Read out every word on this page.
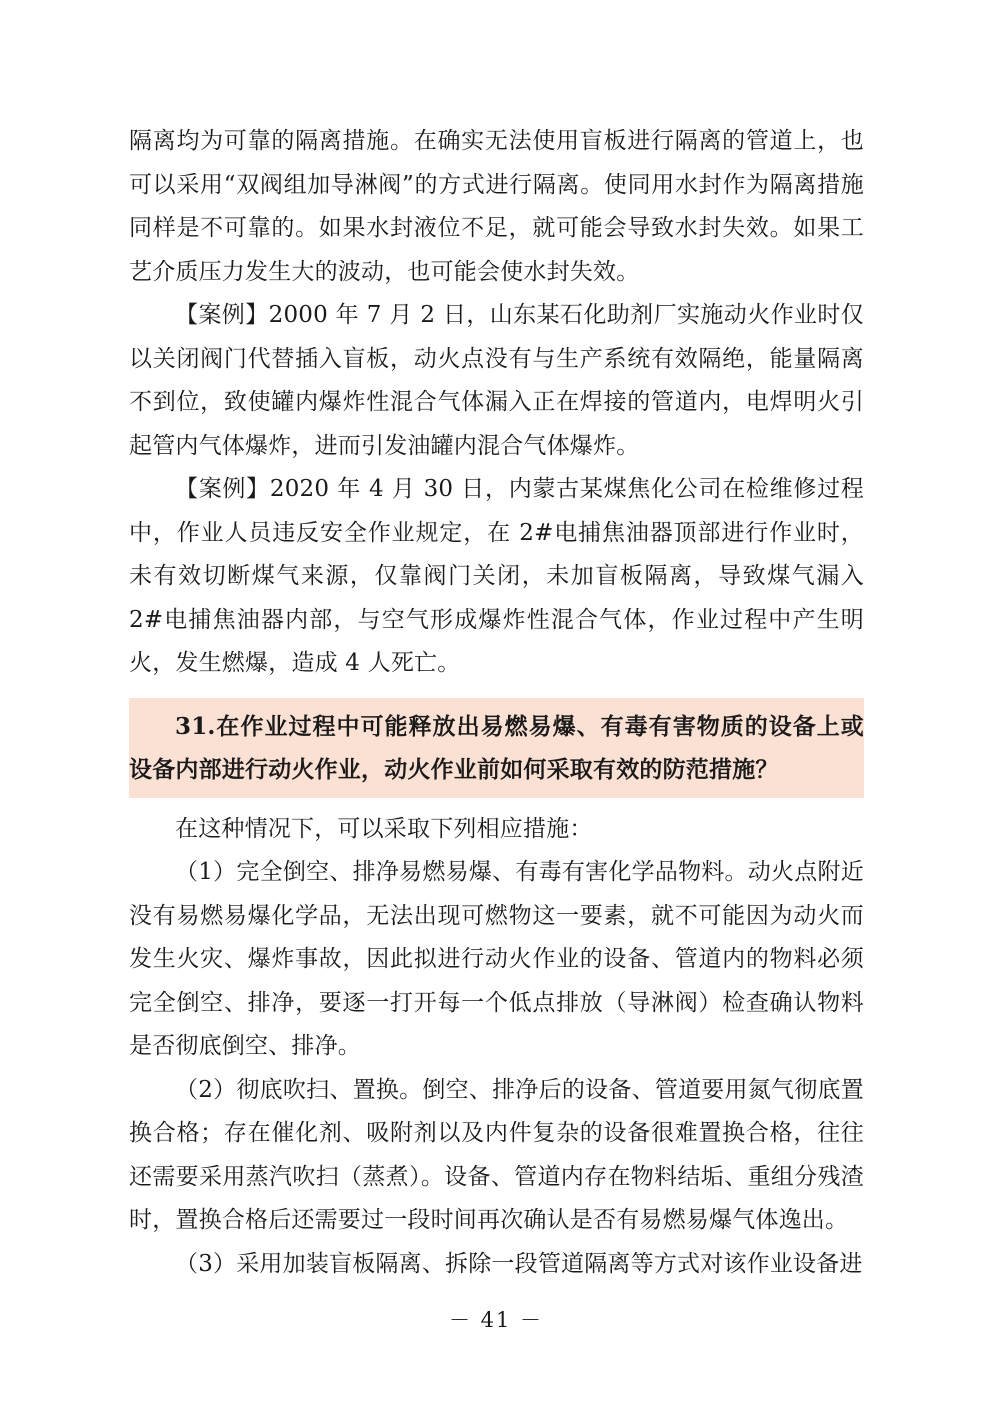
隔离均为可靠的隔离措施。在确实无法使用盲板进行隔离的管道上，也可以采用“双阀组加导淋阀”的方式进行隔离。使同用水封作为隔离措施同样是不可靠的。如果水封液位不足，就可能会导致水封失效。如果工艺介质压力发生大的波动，也可能会使水封失效。

【案例】2000 年 7 月 2 日，山东某石化助剂厂实施动火作业时仅以关闭阀门代替插入盲板，动火点没有与生产系统有效隔绝，能量隔离不到位，致使罐内爆炸性混合气体漏入正在焊接的管道内，电焊明火引起管内气体爆炸，进而引发油罐内混合气体爆炸。

【案例】2020 年 4 月 30 日，内蒙古某煤焦化公司在检维修过程中，作业人员违反安全作业规定，在 2#电捕焦油器顶部进行作业时，未有效切断煤气来源，仅靠阀门关闭，未加盲板隔离，导致煤气漏入 2#电捕焦油器内部，与空气形成爆炸性混合气体，作业过程中产生明火，发生燃爆，造成 4 人死亡。

31.在作业过程中可能释放出易燃易爆、有毒有害物质的设备上或设备内部进行动火作业，动火作业前如何采取有效的防范措施？

在这种情况下，可以采取下列相应措施：

（1）完全倒空、排净易燃易爆、有毒有害化学品物料。动火点附近没有易燃易爆化学品，无法出现可燃物这一要素，就不可能因为动火而发生火灾、爆炸事故，因此拟进行动火作业的设备、管道内的物料必须完全倒空、排净，要逐一打开每一个低点排放（导淋阀）检查确认物料是否彻底倒空、排净。

（2）彻底吹扫、置换。倒空、排净后的设备、管道要用氮气彻底置换合格；存在催化剂、吸附剂以及内件复杂的设备很难置换合格，往往还需要采用蒸汽吹扫（蒸煮）。设备、管道内存在物料结垢、重组分残渣时，置换合格后还需要过一段时间再次确认是否有易燃易爆气体逸出。

（3）采用加装盲板隔离、拆除一段管道隔离等方式对该作业设备进

－ 41 －
